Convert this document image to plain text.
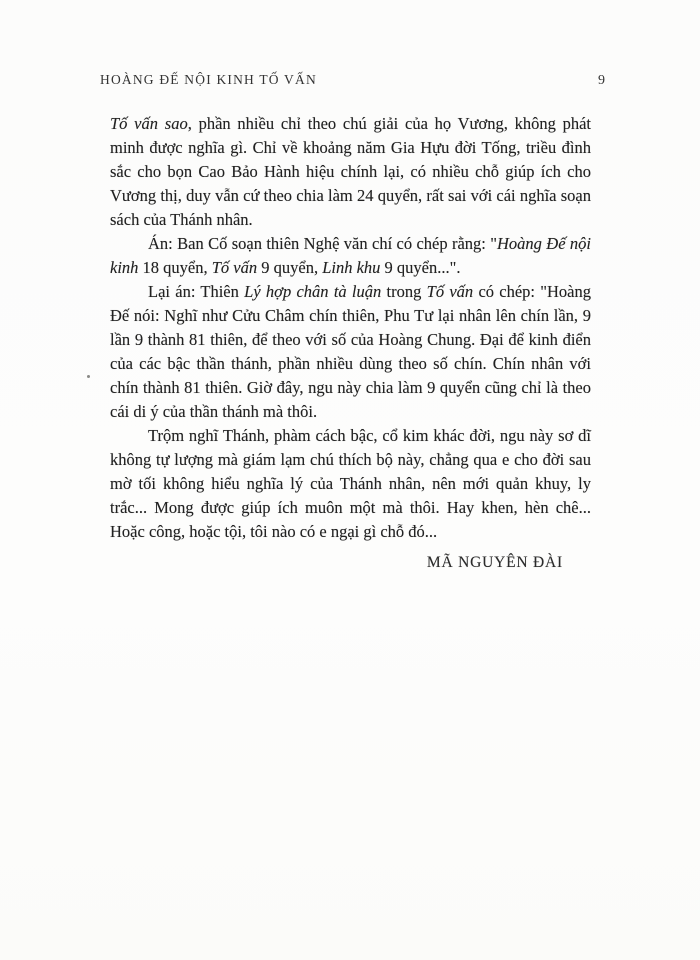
HOÀNG ĐẾ NỘI KINH TỐ VẤN	9

Tố vấn sao, phần nhiều chỉ theo chú giải của họ Vương, không phát minh được nghĩa gì. Chỉ về khoảng năm Gia Hựu đời Tống, triều đình sắc cho bọn Cao Bảo Hành hiệu chính lại, có nhiều chỗ giúp ích cho Vương thị, duy vẫn cứ theo chia làm 24 quyển, rất sai với cái nghĩa soạn sách của Thánh nhân.

Án: Ban Cố soạn thiên Nghệ văn chí có chép rằng: "Hoàng Đế nội kinh 18 quyển, Tố vấn 9 quyển, Linh khu 9 quyển...".

Lại án: Thiên Lý hợp chân tà luận trong Tố vấn có chép: "Hoàng Đế nói: Nghĩ như Cửu Châm chín thiên, Phu Tư lại nhân lên chín lần, 9 lần 9 thành 81 thiên, để theo với số của Hoàng Chung. Đại để kinh điển của các bậc thần thánh, phần nhiều dùng theo số chín. Chín nhân với chín thành 81 thiên. Giờ đây, ngu này chia làm 9 quyển cũng chỉ là theo cái di ý của thần thánh mà thôi.

Trộm nghĩ Thánh, phàm cách bậc, cổ kim khác đời, ngu này sơ dĩ không tự lượng mà giám lạm chú thích bộ này, chẳng qua e cho đời sau mờ tối không hiểu nghĩa lý của Thánh nhân, nên mới quản khuy, ly trắc... Mong được giúp ích muôn một mà thôi. Hay khen, hèn chê... Hoặc công, hoặc tội, tôi nào có e ngại gì chỗ đó...

MÃ NGUYÊN ĐÀI
